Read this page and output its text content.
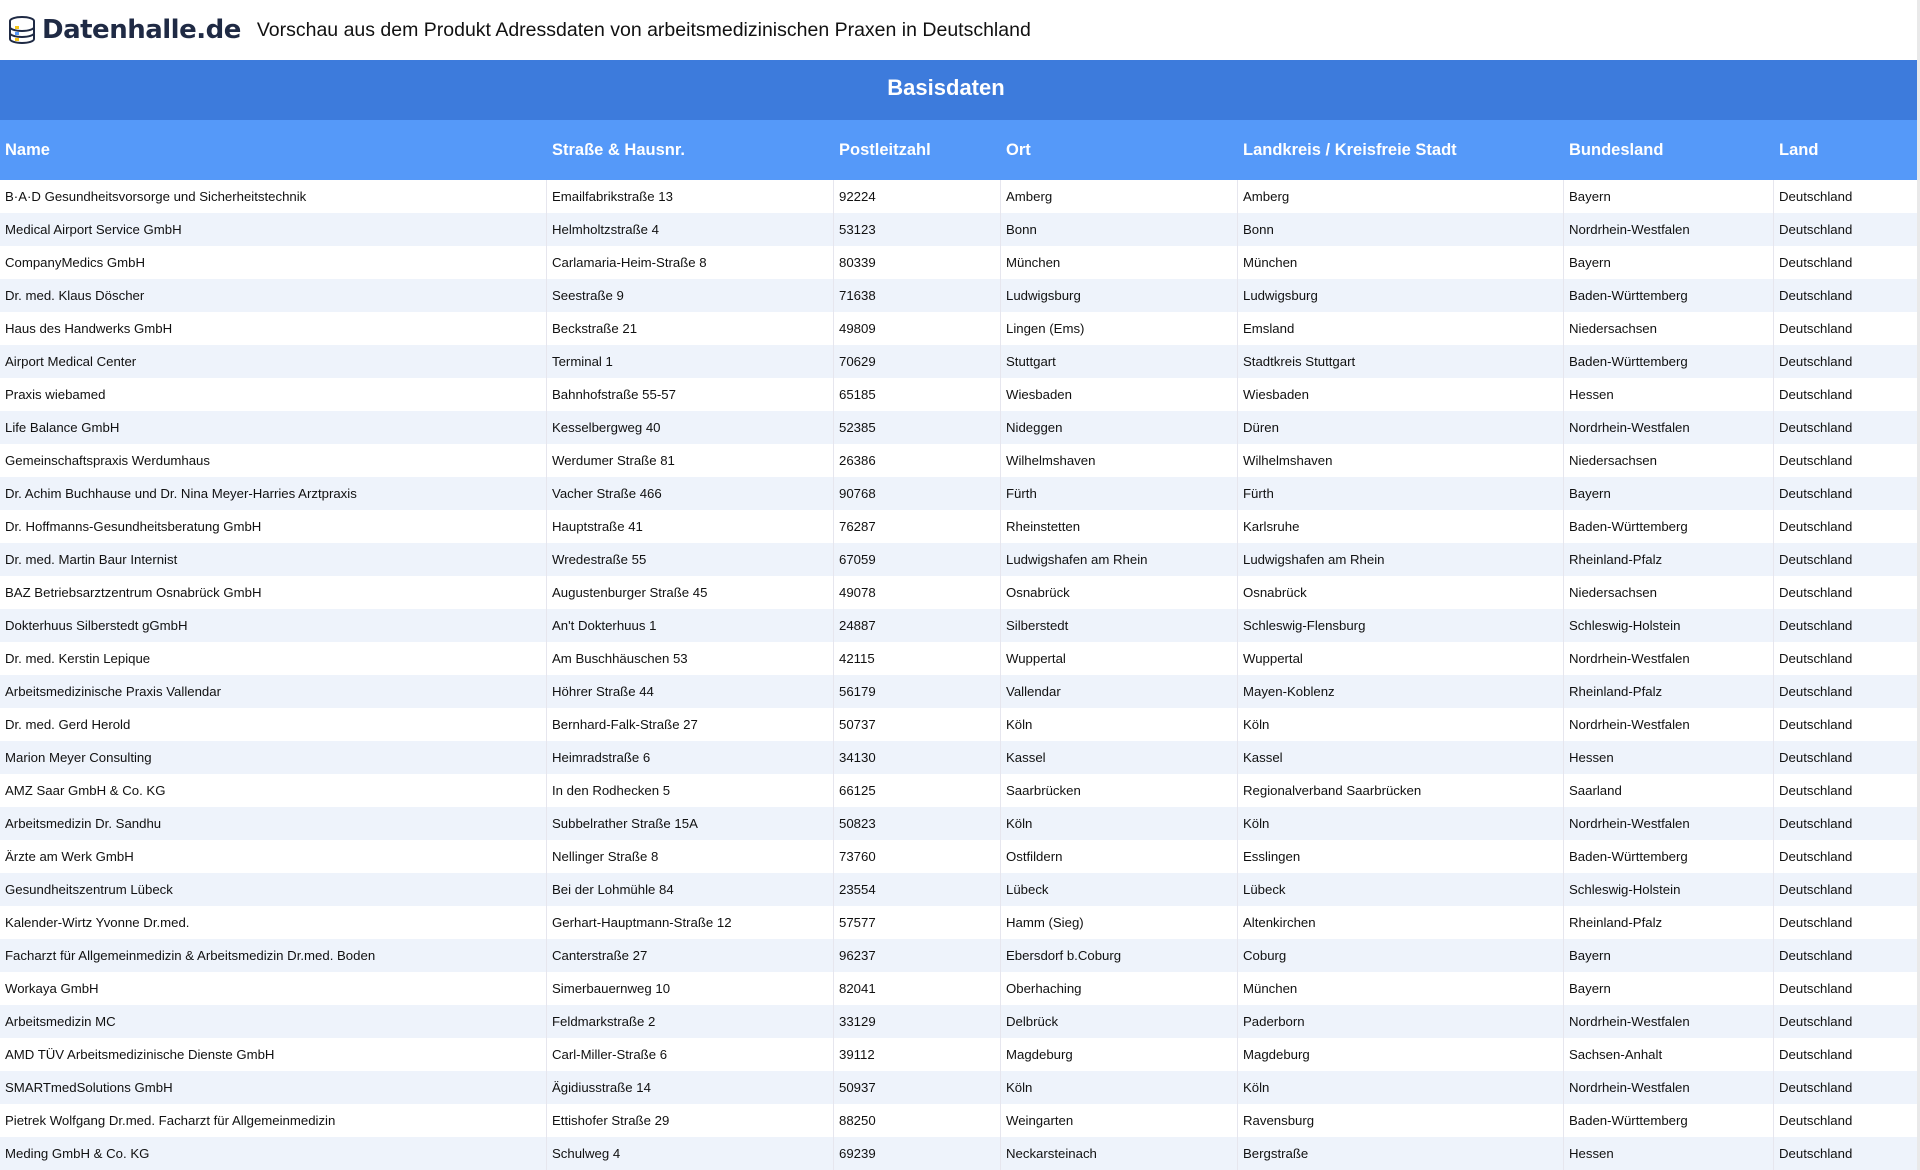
Datenhalle.de Vorschau aus dem Produkt Adressdaten von arbeitsmedizinischen Praxen in Deutschland
Basisdaten
Name	Straße & Hausnr.	Postleitzahl	Ort	Landkreis / Kreisfreie Stadt	Bundesland	Land
B·A·D Gesundheitsvorsorge und Sicherheitstechnik	Emailfabrikstraße 13	92224	Amberg	Amberg	Bayern	Deutschland
Medical Airport Service GmbH	Helmholtzstraße 4	53123	Bonn	Bonn	Nordrhein-Westfalen	Deutschland
CompanyMedics GmbH	Carlamaria-Heim-Straße 8	80339	München	München	Bayern	Deutschland
Dr. med. Klaus Döscher	Seestraße 9	71638	Ludwigsburg	Ludwigsburg	Baden-Württemberg	Deutschland
Haus des Handwerks GmbH	Beckstraße 21	49809	Lingen (Ems)	Emsland	Niedersachsen	Deutschland
Airport Medical Center	Terminal 1	70629	Stuttgart	Stadtkreis Stuttgart	Baden-Württemberg	Deutschland
Praxis wiebamed	Bahnhofstraße 55-57	65185	Wiesbaden	Wiesbaden	Hessen	Deutschland
Life Balance GmbH	Kesselbergweg 40	52385	Nideggen	Düren	Nordrhein-Westfalen	Deutschland
Gemeinschaftspraxis Werdumhaus	Werdumer Straße 81	26386	Wilhelmshaven	Wilhelmshaven	Niedersachsen	Deutschland
Dr. Achim Buchhause und Dr. Nina Meyer-Harries Arztpraxis	Vacher Straße 466	90768	Fürth	Fürth	Bayern	Deutschland
Dr. Hoffmanns-Gesundheitsberatung GmbH	Hauptstraße 41	76287	Rheinstetten	Karlsruhe	Baden-Württemberg	Deutschland
Dr. med. Martin Baur Internist	Wredestraße 55	67059	Ludwigshafen am Rhein	Ludwigshafen am Rhein	Rheinland-Pfalz	Deutschland
BAZ Betriebsarztzentrum Osnabrück GmbH	Augustenburger Straße 45	49078	Osnabrück	Osnabrück	Niedersachsen	Deutschland
Dokterhuus Silberstedt gGmbH	An't Dokterhuus 1	24887	Silberstedt	Schleswig-Flensburg	Schleswig-Holstein	Deutschland
Dr. med. Kerstin Lepique	Am Buschhäuschen 53	42115	Wuppertal	Wuppertal	Nordrhein-Westfalen	Deutschland
Arbeitsmedizinische Praxis Vallendar	Höhrer Straße 44	56179	Vallendar	Mayen-Koblenz	Rheinland-Pfalz	Deutschland
Dr. med. Gerd Herold	Bernhard-Falk-Straße 27	50737	Köln	Köln	Nordrhein-Westfalen	Deutschland
Marion Meyer Consulting	Heimradstraße 6	34130	Kassel	Kassel	Hessen	Deutschland
AMZ Saar GmbH & Co. KG	In den Rodhecken 5	66125	Saarbrücken	Regionalverband Saarbrücken	Saarland	Deutschland
Arbeitsmedizin Dr. Sandhu	Subbelrather Straße 15A	50823	Köln	Köln	Nordrhein-Westfalen	Deutschland
Ärzte am Werk GmbH	Nellinger Straße 8	73760	Ostfildern	Esslingen	Baden-Württemberg	Deutschland
Gesundheitszentrum Lübeck	Bei der Lohmühle 84	23554	Lübeck	Lübeck	Schleswig-Holstein	Deutschland
Kalender-Wirtz Yvonne Dr.med.	Gerhart-Hauptmann-Straße 12	57577	Hamm (Sieg)	Altenkirchen	Rheinland-Pfalz	Deutschland
Facharzt für Allgemeinmedizin & Arbeitsmedizin Dr.med. Boden	Canterstraße 27	96237	Ebersdorf b.Coburg	Coburg	Bayern	Deutschland
Workaya GmbH	Simerbauernweg 10	82041	Oberhaching	München	Bayern	Deutschland
Arbeitsmedizin MC	Feldmarkstraße 2	33129	Delbrück	Paderborn	Nordrhein-Westfalen	Deutschland
AMD TÜV Arbeitsmedizinische Dienste GmbH	Carl-Miller-Straße 6	39112	Magdeburg	Magdeburg	Sachsen-Anhalt	Deutschland
SMARTmedSolutions GmbH	Ägidiusstraße 14	50937	Köln	Köln	Nordrhein-Westfalen	Deutschland
Pietrek Wolfgang Dr.med. Facharzt für Allgemeinmedizin	Ettishofer Straße 29	88250	Weingarten	Ravensburg	Baden-Württemberg	Deutschland
Meding GmbH & Co. KG	Schulweg 4	69239	Neckarsteinach	Bergstraße	Hessen	Deutschland
